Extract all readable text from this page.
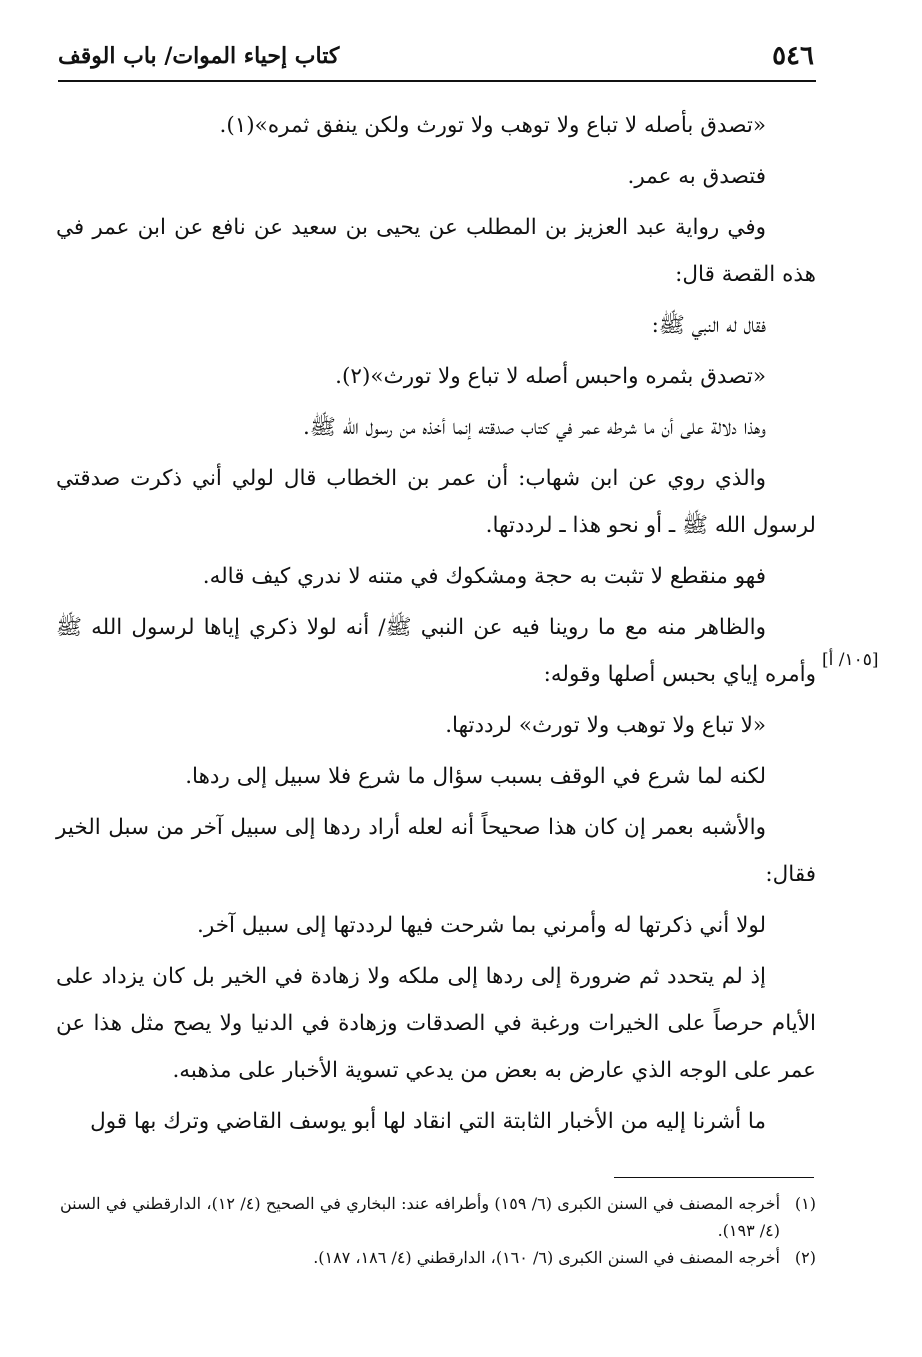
٥٤٦
كتاب إحياء الموات/ باب الوقف
[١٠٥/ أ]

«تصدق بأصله لا تباع ولا توهب ولا تورث ولكن ينفق ثمره»(١).

فتصدق به عمر.

وفي رواية عبد العزيز بن المطلب عن يحيى بن سعيد عن نافع عن ابن عمر في هذه القصة قال:

فقال له النبي ﷺ:

«تصدق بثمره واحبس أصله لا تباع ولا تورث»(٢).

وهذا دلالة على أن ما شرطه عمر في كتاب صدقته إنما أخذه من رسول الله ﷺ.

والذي روي عن ابن شهاب: أن عمر بن الخطاب قال لولي أني ذكرت صدقتي لرسول الله ﷺ ـ أو نحو هذا ـ لرددتها.

فهو منقطع لا تثبت به حجة ومشكوك في متنه لا ندري كيف قاله.

والظاهر منه مع ما روينا فيه عن النبي ﷺ/ أنه لولا ذكري إياها لرسول الله ﷺ وأمره إياي بحبس أصلها وقوله:

«لا تباع ولا توهب ولا تورث» لرددتها.

لكنه لما شرع في الوقف بسبب سؤال ما شرع فلا سبيل إلى ردها.

والأشبه بعمر إن كان هذا صحيحاً أنه لعله أراد ردها إلى سبيل آخر من سبل الخير فقال:

لولا أني ذكرتها له وأمرني بما شرحت فيها لرددتها إلى سبيل آخر.

إذ لم يتحدد ثم ضرورة إلى ردها إلى ملكه ولا زهادة في الخير بل كان يزداد على الأيام حرصاً على الخيرات ورغبة في الصدقات وزهادة في الدنيا ولا يصح مثل هذا عن عمر على الوجه الذي عارض به بعض من يدعي تسوية الأخبار على مذهبه.

ما أشرنا إليه من الأخبار الثابتة التي انقاد لها أبو يوسف القاضي وترك بها قول

(١)أخرجه المصنف في السنن الكبرى (٦/ ١٥٩) وأطرافه عند: البخاري في الصحيح (٤/ ١٢)، الدارقطني في السنن (٤/ ١٩٣).

(٢)أخرجه المصنف في السنن الكبرى (٦/ ١٦٠)، الدارقطني (٤/ ١٨٦، ١٨٧).
